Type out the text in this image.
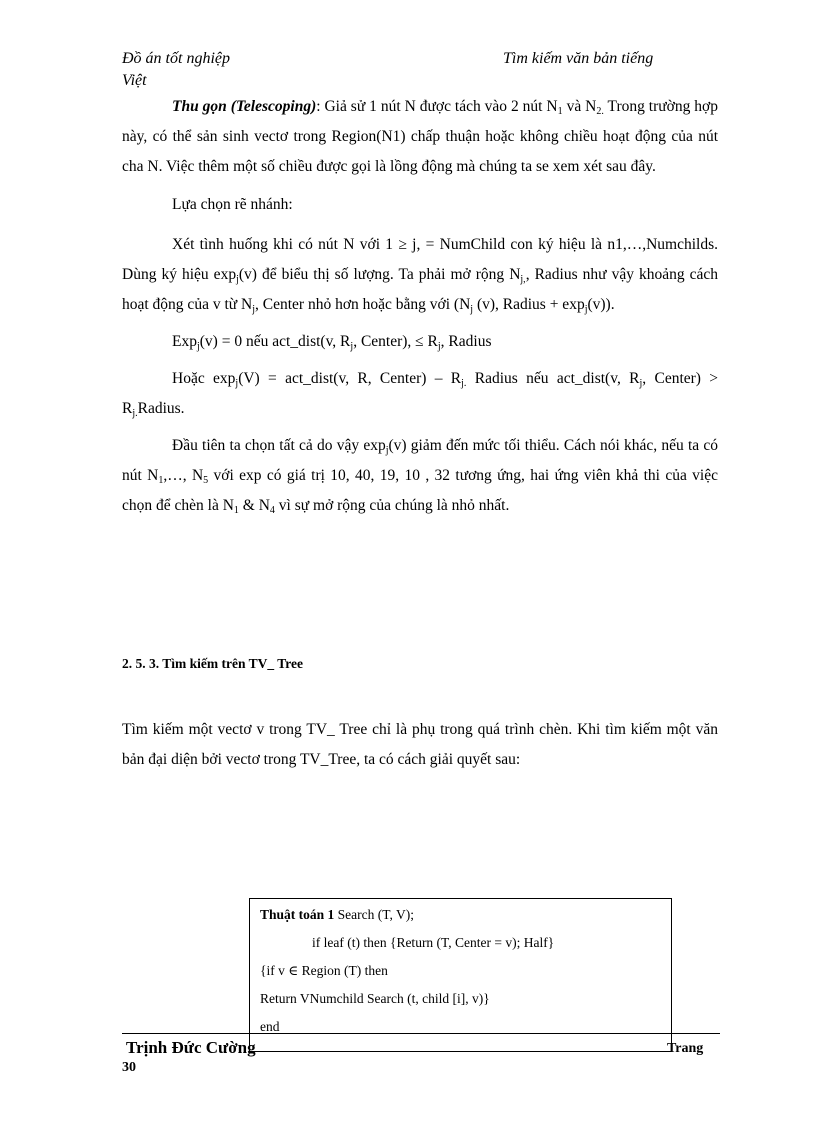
Đồ án tốt nghiệp	Tìm kiếm văn bản tiếng
Việt

Thu gọn (Telescoping): Giả sử 1 nút N được tách vào 2 nút $N_1$ và $N_{2.}$ Trong trường hợp này, có thể sản sinh vectơ trong Region(N1) chấp thuận hoặc không chiều hoạt động của nút cha N. Việc thêm một số chiều được gọi là lồng động mà chúng ta se xem xét sau đây.

Lựa chọn rẽ nhánh:

Xét tình huống khi có nút N với 1 ≥ j, = NumChild con ký hiệu là n1,…,Numchilds. Dùng ký hiệu $\exp_j(v)$ để biểu thị số lượng. Ta phải mở rộng $N_{j,}$, Radius như vậy khoảng cách hoạt động của v từ $N_j$, Center nhỏ hơn hoặc bằng với ($N_j$ (v), Radius + $\exp_j(v)$).

Exp$_j$(v) = 0 nếu act_dist(v, $R_j$, Center), ≤ $R_j$, Radius

Hoặc $\exp_j(V)$ = act_dist(v, R, Center) – $R_{j.}$ Radius nếu act_dist(v, $R_j$, Center) > $R_{j.}Radius$.

Đầu tiên ta chọn tất cả do vậy $\exp_j(v)$ giảm đến mức tối thiểu. Cách nói khác, nếu ta có nút $N_1,\dots$, $N_5$ với exp có giá trị 10, 40, 19, 10 , 32 tương ứng, hai ứng viên khả thi của việc chọn để chèn là $N_1$ & $N_4$ vì sự mở rộng của chúng là nhỏ nhất.

2. 5. 3. Tìm kiếm trên TV_ Tree

Tìm kiếm một vectơ v trong TV_ Tree chỉ là phụ trong quá trình chèn. Khi tìm kiếm một văn bản đại diện bởi vectơ trong TV_Tree, ta có cách giải quyết sau:

Thuật toán 1 Search (T, V);
if leaf (t) then {Return (T, Center = v); Half}
{if v ∈ Region (T) then
Return VNumchild Search (t, child [i], v)}
end
Trịnh Đức Cường	Trang
30
